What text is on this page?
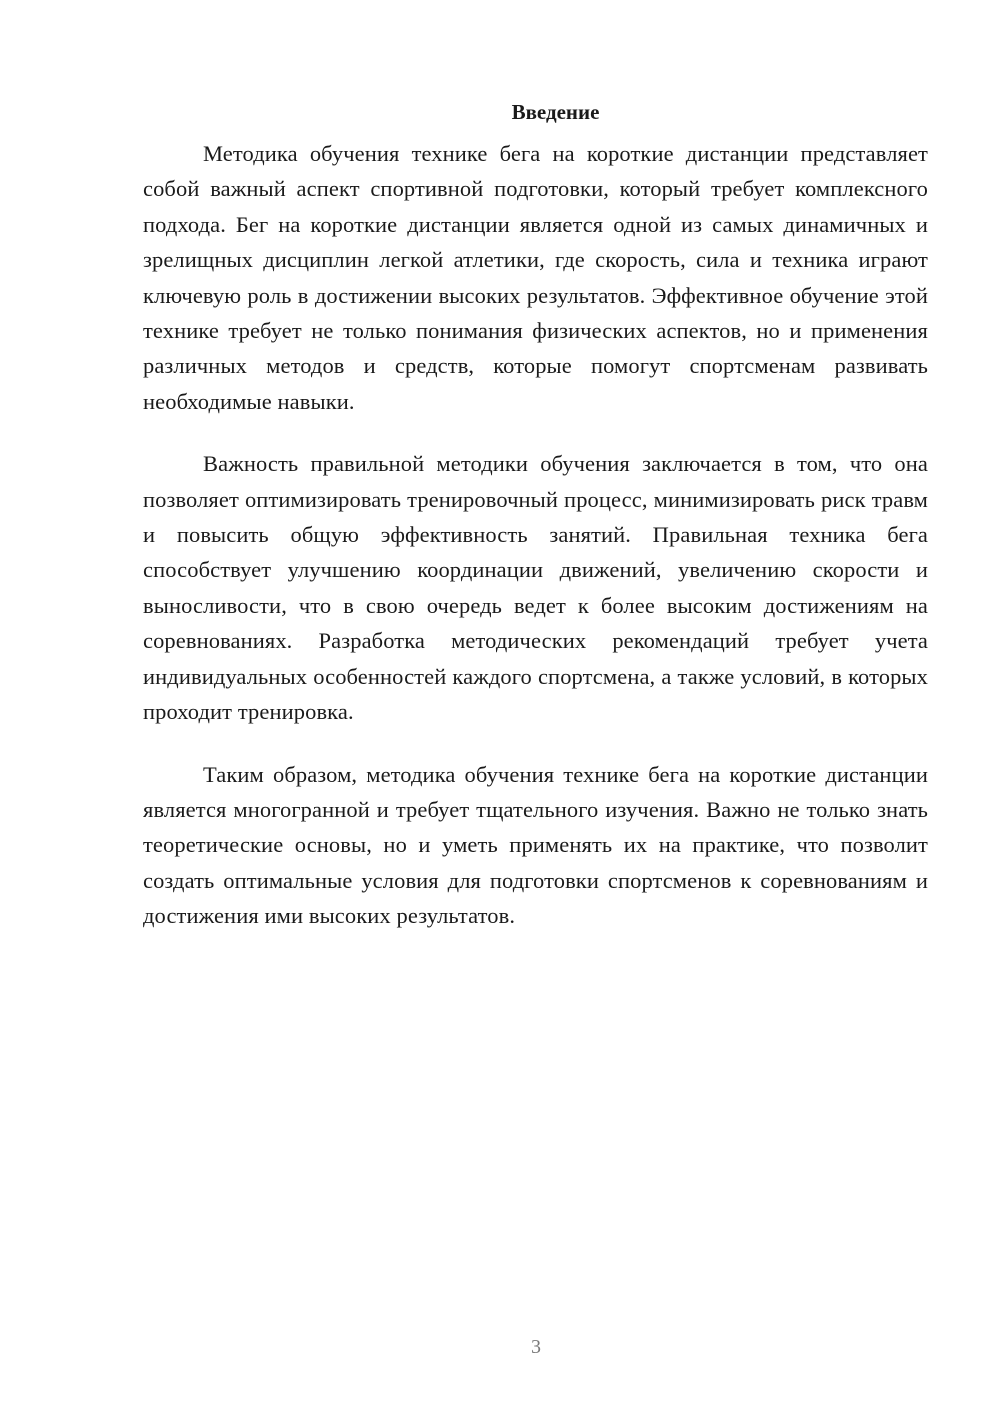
Введение

Методика обучения технике бега на короткие дистанции представляет собой важный аспект спортивной подготовки, который требует комплексного подхода. Бег на короткие дистанции является одной из самых динамичных и зрелищных дисциплин легкой атлетики, где скорость, сила и техника играют ключевую роль в достижении высоких результатов. Эффективное обучение этой технике требует не только понимания физических аспектов, но и применения различных методов и средств, которые помогут спортсменам развивать необходимые навыки.

Важность правильной методики обучения заключается в том, что она позволяет оптимизировать тренировочный процесс, минимизировать риск травм и повысить общую эффективность занятий. Правильная техника бега способствует улучшению координации движений, увеличению скорости и выносливости, что в свою очередь ведет к более высоким достижениям на соревнованиях. Разработка методических рекомендаций требует учета индивидуальных особенностей каждого спортсмена, а также условий, в которых проходит тренировка.

Таким образом, методика обучения технике бега на короткие дистанции является многогранной и требует тщательного изучения. Важно не только знать теоретические основы, но и уметь применять их на практике, что позволит создать оптимальные условия для подготовки спортсменов к соревнованиям и достижения ими высоких результатов.

3
